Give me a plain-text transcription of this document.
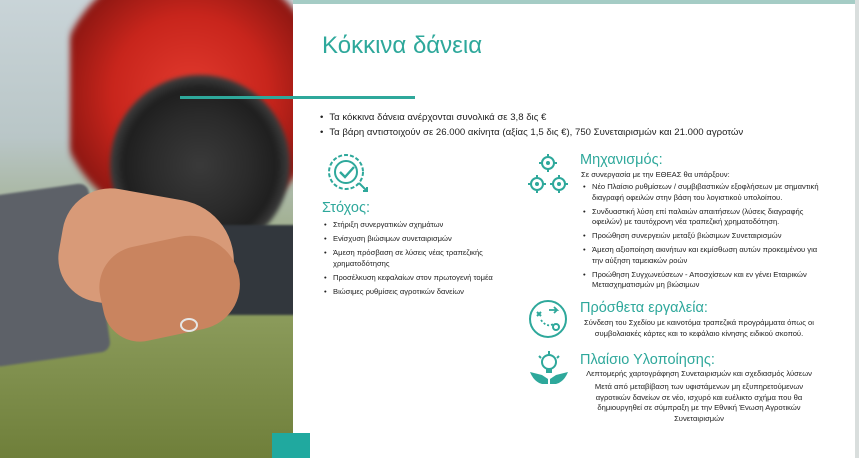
Κόκκινα δάνεια
• Τα κόκκινα δάνεια ανέρχονται συνολικά σε 3,8 δις €
• Τα βάρη αντιστοιχούν σε 26.000 ακίνητα (αξίας 1,5 δις €), 750 Συνεταιρισμών και 21.000 αγροτών
Στόχος:
• Στήριξη συνεργατικών σχημάτων
• Ενίσχυση βιώσιμων συνεταιρισμών
• Άμεση πρόσβαση σε λύσεις νέας τραπεζικής χρηματοδότησης
• Προσέλκυση κεφαλαίων στον πρωτογενή τομέα
• Βιώσιμες ρυθμίσεις αγροτικών δανείων
Μηχανισμός:
Σε συνεργασία με την ΕΘΕΑΣ θα υπάρξουν:
• Νέο Πλαίσιο ρυθμίσεων / συμβιβαστικών εξοφλήσεων με σημαντική διαγραφή οφειλών στην βάση του λογιστικού υπολοίπου.
• Συνδυαστική λύση επί παλαιών απαιτήσεων (λύσεις διαγραφής οφειλών) με ταυτόχρονη νέα τραπεζική χρηματοδότηση.
• Προώθηση συνεργειών μεταξύ βιώσιμων Συνεταιρισμών
• Άμεση αξιοποίηση ακινήτων και εκμίσθωση αυτών προκειμένου για την αύξηση ταμειακών ροών
• Προώθηση Συγχωνεύσεων - Αποσχίσεων και εν γένει Εταιρικών Μετασχηματισμών μη βιώσιμων
Πρόσθετα εργαλεία:
Σύνδεση του Σχεδίου με καινοτόμα τραπεζικά προγράμματα όπως οι συμβολαιακές κάρτες και το κεφάλαιο κίνησης ειδικού σκοπού.
Πλαίσιο Υλοποίησης:
Λεπτομερής χαρτογράφηση Συνεταιρισμών και σχεδιασμός λύσεων
Μετά από μεταβίβαση των υφιστάμενων μη εξυπηρετούμενων αγροτικών δανείων σε νέο, ισχυρό και ευέλικτο σχήμα που θα δημιουργηθεί σε σύμπραξη με την Εθνική Ένωση Αγροτικών Συνεταιρισμών
